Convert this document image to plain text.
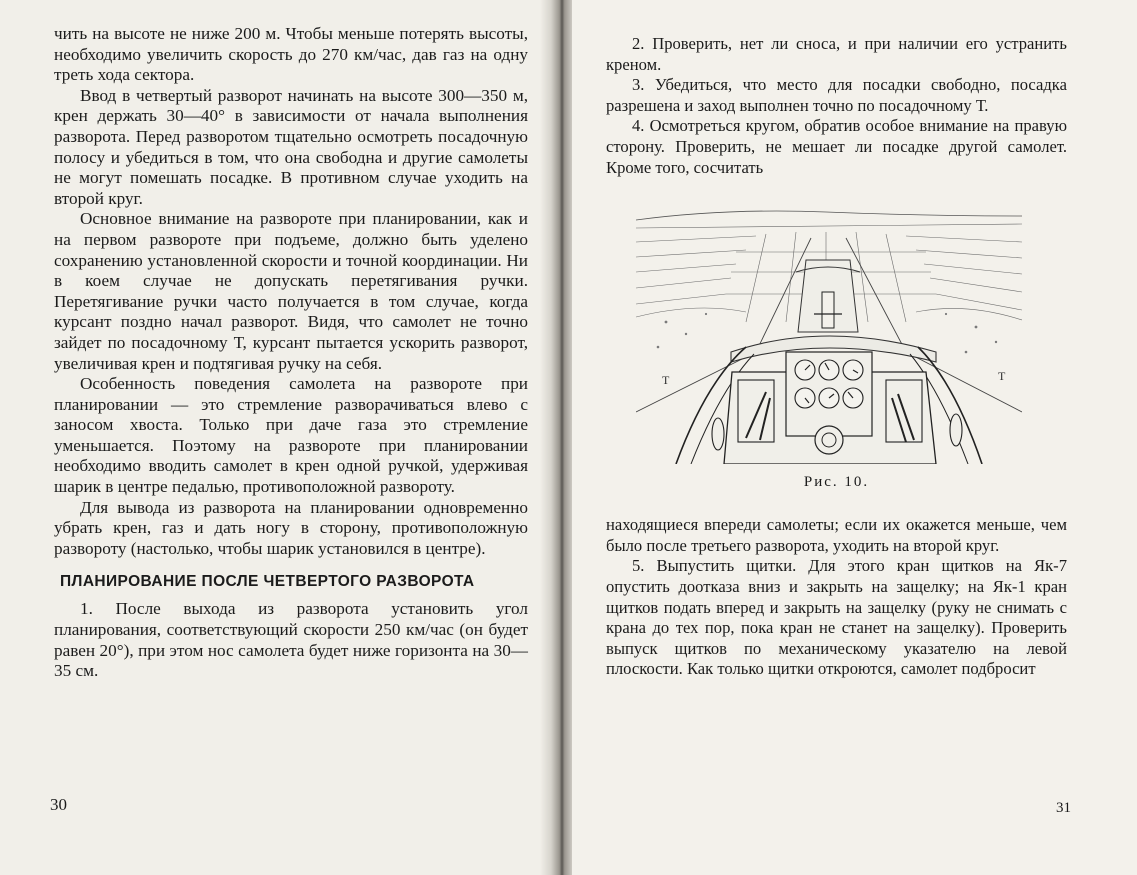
чить на высоте не ниже 200 м. Чтобы меньше потерять высоты, необходимо увеличить скорость до 270 км/час, дав газ на одну треть хода сектора.

Ввод в четвертый разворот начинать на высоте 300—350 м, крен держать 30—40° в зависимости от начала выполнения разворота. Перед разворотом тщательно осмотреть посадочную полосу и убедиться в том, что она свободна и другие самолеты не могут помешать посадке. В противном случае уходить на второй круг.

Основное внимание на развороте при планировании, как и на первом развороте при подъеме, должно быть уделено сохранению установленной скорости и точной координации. Ни в коем случае не допускать перетягивания ручки. Перетягивание ручки часто получается в том случае, когда курсант поздно начал разворот. Видя, что самолет не точно зайдет по посадочному Т, курсант пытается ускорить разворот, увеличивая крен и подтягивая ручку на себя.

Особенность поведения самолета на развороте при планировании — это стремление разворачиваться влево с заносом хвоста. Только при даче газа это стремление уменьшается. Поэтому на развороте при планировании необходимо вводить самолет в крен одной ручкой, удерживая шарик в центре педалью, противоположной развороту.

Для вывода из разворота на планировании одновременно убрать крен, газ и дать ногу в сторону, противоположную развороту (настолько, чтобы шарик установился в центре).

ПЛАНИРОВАНИЕ ПОСЛЕ ЧЕТВЕРТОГО РАЗВОРОТА

1. После выхода из разворота установить угол планирования, соответствующий скорости 250 км/час (он будет равен 20°), при этом нос самолета будет ниже горизонта на 30—35 см.

30

2. Проверить, нет ли сноса, и при наличии его устранить креном.

3. Убедиться, что место для посадки свободно, посадка разрешена и заход выполнен точно по посадочному Т.

4. Осмотреться кругом, обратив особое внимание на правую сторону. Проверить, не мешает ли посадке другой самолет. Кроме того, сосчитать

Т	Т
Рис. 10.

находящиеся впереди самолеты; если их окажется меньше, чем было после третьего разворота, уходить на второй круг.

5. Выпустить щитки. Для этого кран щитков на Як-7 опустить доотказа вниз и закрыть на защелку; на Як-1 кран щитков подать вперед и закрыть на защелку (руку не снимать с крана до тех пор, пока кран не станет на защелку). Проверить выпуск щитков по механическому указателю на левой плоскости. Как только щитки откроются, самолет подбросит

31
